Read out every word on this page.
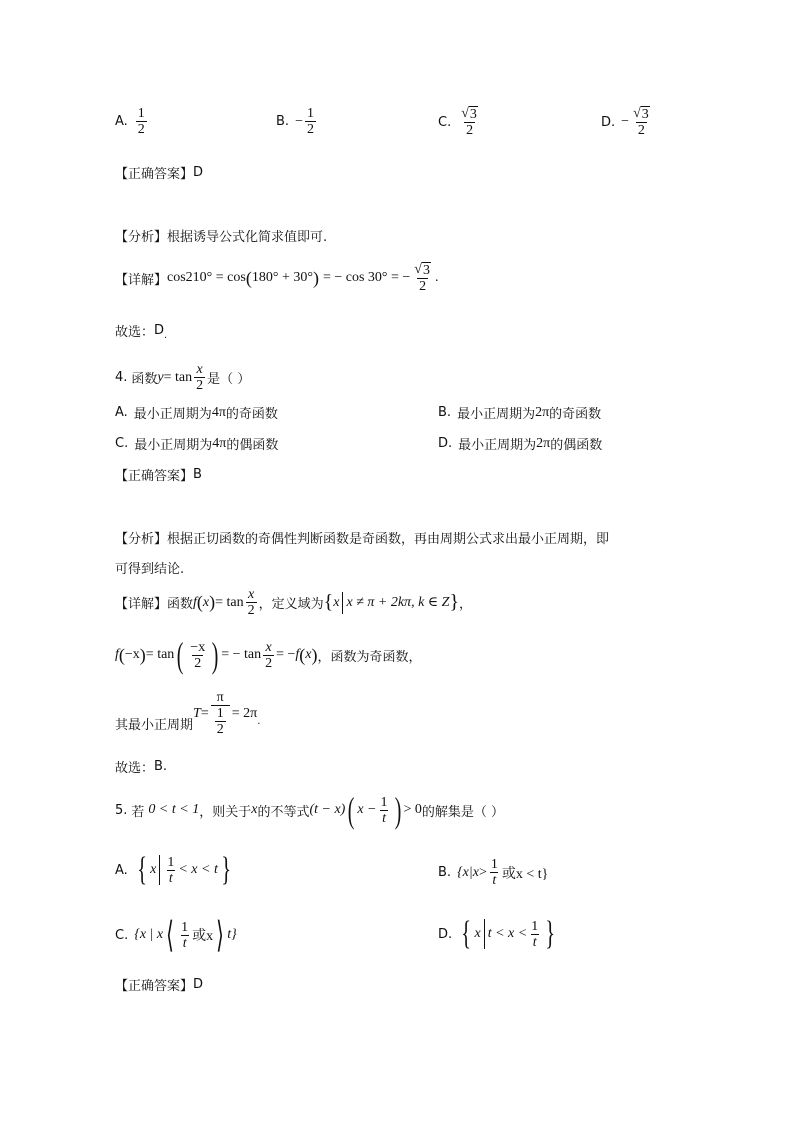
A. $\frac{1}{2}$	B. − $\frac{1}{2}$	C. $\frac{√ 3}{2}$	D. − $\frac{√ 3}{2}$
【正确答案】 D
【分析】 根据诱导公式化简求值即可.
【详解】 cos210° = cos ( 180° + 30° ) = − cos 30° = − $\frac{√ 3}{2}$ .
故选： D .
4. 函数 $y = \tan \frac{x}{2}$ 是（ ）
A. 最小正周期为 4π 的奇函数	B. 最小正周期为 2π 的奇函数
C. 最小正周期为 4π 的偶函数	D. 最小正周期为 2π 的偶函数
【正确答案】 B
【分析】 根据正切函数的奇偶性判断函数是奇函数，再由周期公式求出最小正周期，即
可得到结论.
【详解】 函数 f ( x ) = $\tan \frac{x}{2}$ ，定义域为 { x x ≠ π + 2kπ, k ∈ Z } ，
f ( −x ) = tan ( $\frac{-x}{2}$ ) = − $\tan \frac{x}{2}$ = − f ( x ) ，函数为奇函数，
其最小正周期
$T = \frac{\pi}{\frac{1}{2}} = 2\pi$
.
故选： B.
5. 若 0 < t < 1 ，则关于 x 的不等式 (t − x) ( $x - \frac{1}{t}$ ) > 0 的解集是（ ）
A. { x $\frac{1}{t} < x < t$ }	B. {$x|x > \frac{1}{t}$ 或x < t}
C. {x | x ⟨ $\frac{1}{t}$ 或x ⟩ t}	D. { x $t < x < \frac{1}{t}$ }
【正确答案】 D
